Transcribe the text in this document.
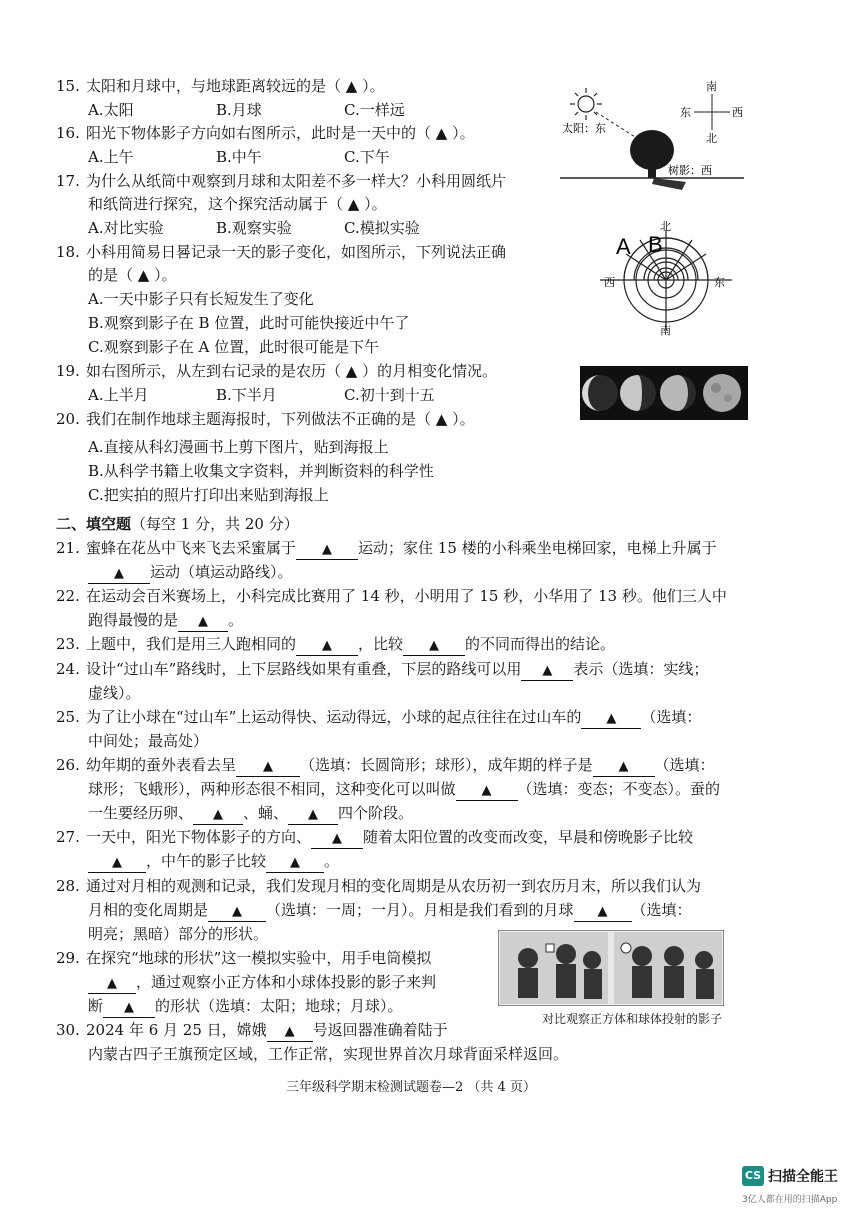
15. 太阳和月球中，与地球距离较远的是（ ▲ ）。
A.太阳	B.月球	C.一样远
16. 阳光下物体影子方向如右图所示，此时是一天中的（ ▲ ）。
A.上午	B.中午	C.下午
17. 为什么从纸筒中观察到月球和太阳差不多一样大？小科用圆纸片
和纸筒进行探究，这个探究活动属于（ ▲ ）。
A.对比实验	B.观察实验	C.模拟实验
18. 小科用简易日晷记录一天的影子变化，如图所示，下列说法正确
的是（ ▲ ）。
A.一天中影子只有长短发生了变化
B.观察到影子在 B 位置，此时可能快接近中午了
C.观察到影子在 A 位置，此时很可能是下午
19. 如右图所示，从左到右记录的是农历（ ▲ ）的月相变化情况。
A.上半月	B.下半月	C.初十到十五
20. 我们在制作地球主题海报时，下列做法不正确的是（ ▲ ）。
A.直接从科幻漫画书上剪下图片，贴到海报上
B.从科学书籍上收集文字资料，并判断资料的科学性
C.把实拍的照片打印出来贴到海报上
二、填空题（每空 1 分，共 20 分）
21. 蜜蜂在花丛中飞来飞去采蜜属于 ▲ 运动；家住 15 楼的小科乘坐电梯回家，电梯上升属于
▲ 运动（填运动路线）。
22. 在运动会百米赛场上，小科完成比赛用了 14 秒，小明用了 15 秒，小华用了 13 秒。他们三人中
跑得最慢的是 ▲ 。
23. 上题中，我们是用三人跑相同的 ▲ ，比较 ▲ 的不同而得出的结论。
24. 设计“过山车”路线时，上下层路线如果有重叠，下层的路线可以用 ▲ 表示（选填：实线；
虚线）。
25. 为了让小球在“过山车”上运动得快、运动得远，小球的起点往往在过山车的 ▲ （选填：
中间处；最高处）
26. 幼年期的蚕外表看去呈 ▲ （选填：长圆筒形；球形），成年期的样子是 ▲ （选填：
球形；飞蛾形），两种形态很不相同，这种变化可以叫做 ▲ （选填：变态；不变态）。蚕的
一生要经历卵、 ▲ 、蛹、 ▲ 四个阶段。
27. 一天中，阳光下物体影子的方向、 ▲ 随着太阳位置的改变而改变，早晨和傍晚影子比较
▲ ，中午的影子比较 ▲ 。
28. 通过对月相的观测和记录，我们发现月相的变化周期是从农历初一到农历月末，所以我们认为
月相的变化周期是 ▲ （选填：一周；一月）。月相是我们看到的月球 ▲ （选填：
明亮；黑暗）部分的形状。
29. 在探究“地球的形状”这一模拟实验中，用手电筒模拟
▲ ，通过观察小正方体和小球体投影的影子来判
断 ▲ 的形状（选填：太阳；地球；月球）。
30. 2024 年 6 月 25 日，嫦娥 ▲ 号返回器准确着陆于
内蒙古四子王旗预定区域，工作正常，实现世界首次月球背面采样返回。
太阳：东
树影：西
南
北
东	西
北
南
东
西
A B
对比观察正方体和球体投射的影子
三年级科学期末检测试题卷—2 （共 4 页）
CS 扫描全能王
3亿人都在用的扫描App
